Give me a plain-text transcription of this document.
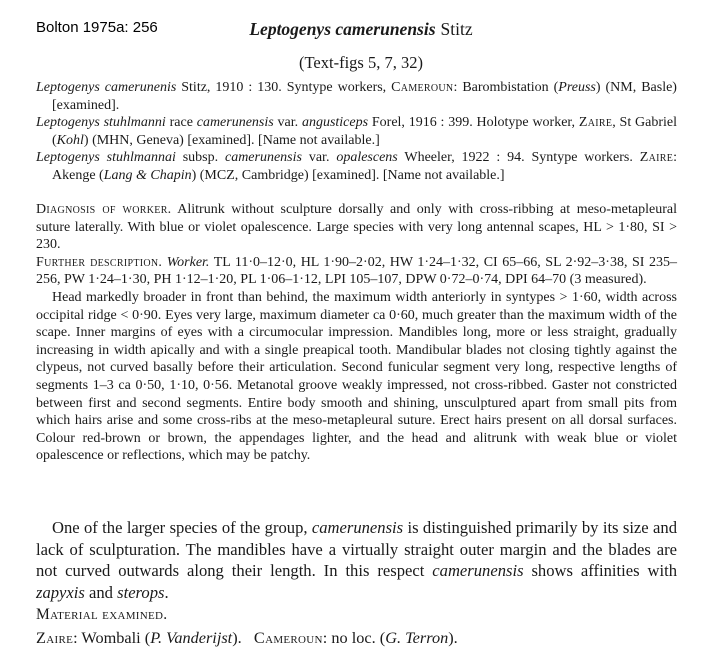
Bolton 1975a: 256	Leptogenys camerunensis Stitz
(Text-figs 5, 7, 32)

Leptogenys camerunenis Stitz, 1910 : 130. Syntype workers, Cameroun: Barombistation (Preuss) (NM, Basle) [examined].

Leptogenys stuhlmanni race camerunensis var. angusticeps Forel, 1916 : 399. Holotype worker, Zaire, St Gabriel (Kohl) (MHN, Geneva) [examined]. [Name not available.]

Leptogenys stuhlmannai subsp. camerunensis var. opalescens Wheeler, 1922 : 94. Syntype workers. Zaire: Akenge (Lang & Chapin) (MCZ, Cambridge) [examined]. [Name not available.]

Diagnosis of worker. Alitrunk without sculpture dorsally and only with cross-ribbing at meso-metapleural suture laterally. With blue or violet opalescence. Large species with very long antennal scapes, HL > 1·80, SI > 230.

Further description. Worker. TL 11·0–12·0, HL 1·90–2·02, HW 1·24–1·32, CI 65–66, SL 2·92–3·38, SI 235–256, PW 1·24–1·30, PH 1·12–1·20, PL 1·06–1·12, LPI 105–107, DPW 0·72–0·74, DPI 64–70 (3 measured).

Head markedly broader in front than behind, the maximum width anteriorly in syntypes > 1·60, width across occipital ridge < 0·90. Eyes very large, maximum diameter ca 0·60, much greater than the maximum width of the scape. Inner margins of eyes with a circumocular impression. Mandibles long, more or less straight, gradually increasing in width apically and with a single preapical tooth. Mandibular blades not closing tightly against the clypeus, not curved basally before their articulation. Second funicular segment very long, respective lengths of segments 1–3 ca 0·50, 1·10, 0·56. Metanotal groove weakly impressed, not cross-ribbed. Gaster not constricted between first and second segments. Entire body smooth and shining, unsculptured apart from small pits from which hairs arise and some cross-ribs at the meso-metapleural suture. Erect hairs present on all dorsal surfaces. Colour red-brown or brown, the appendages lighter, and the head and alitrunk with weak blue or violet opalescence or reflections, which may be patchy.

One of the larger species of the group, camerunensis is distinguished primarily by its size and lack of sculpturation. The mandibles have a virtually straight outer margin and the blades are not curved outwards along their length. In this respect camerunensis shows affinities with zapyxis and sterops.

Material examined.
Zaire: Wombali (P. Vanderijst).   Cameroun: no loc. (G. Terron).
